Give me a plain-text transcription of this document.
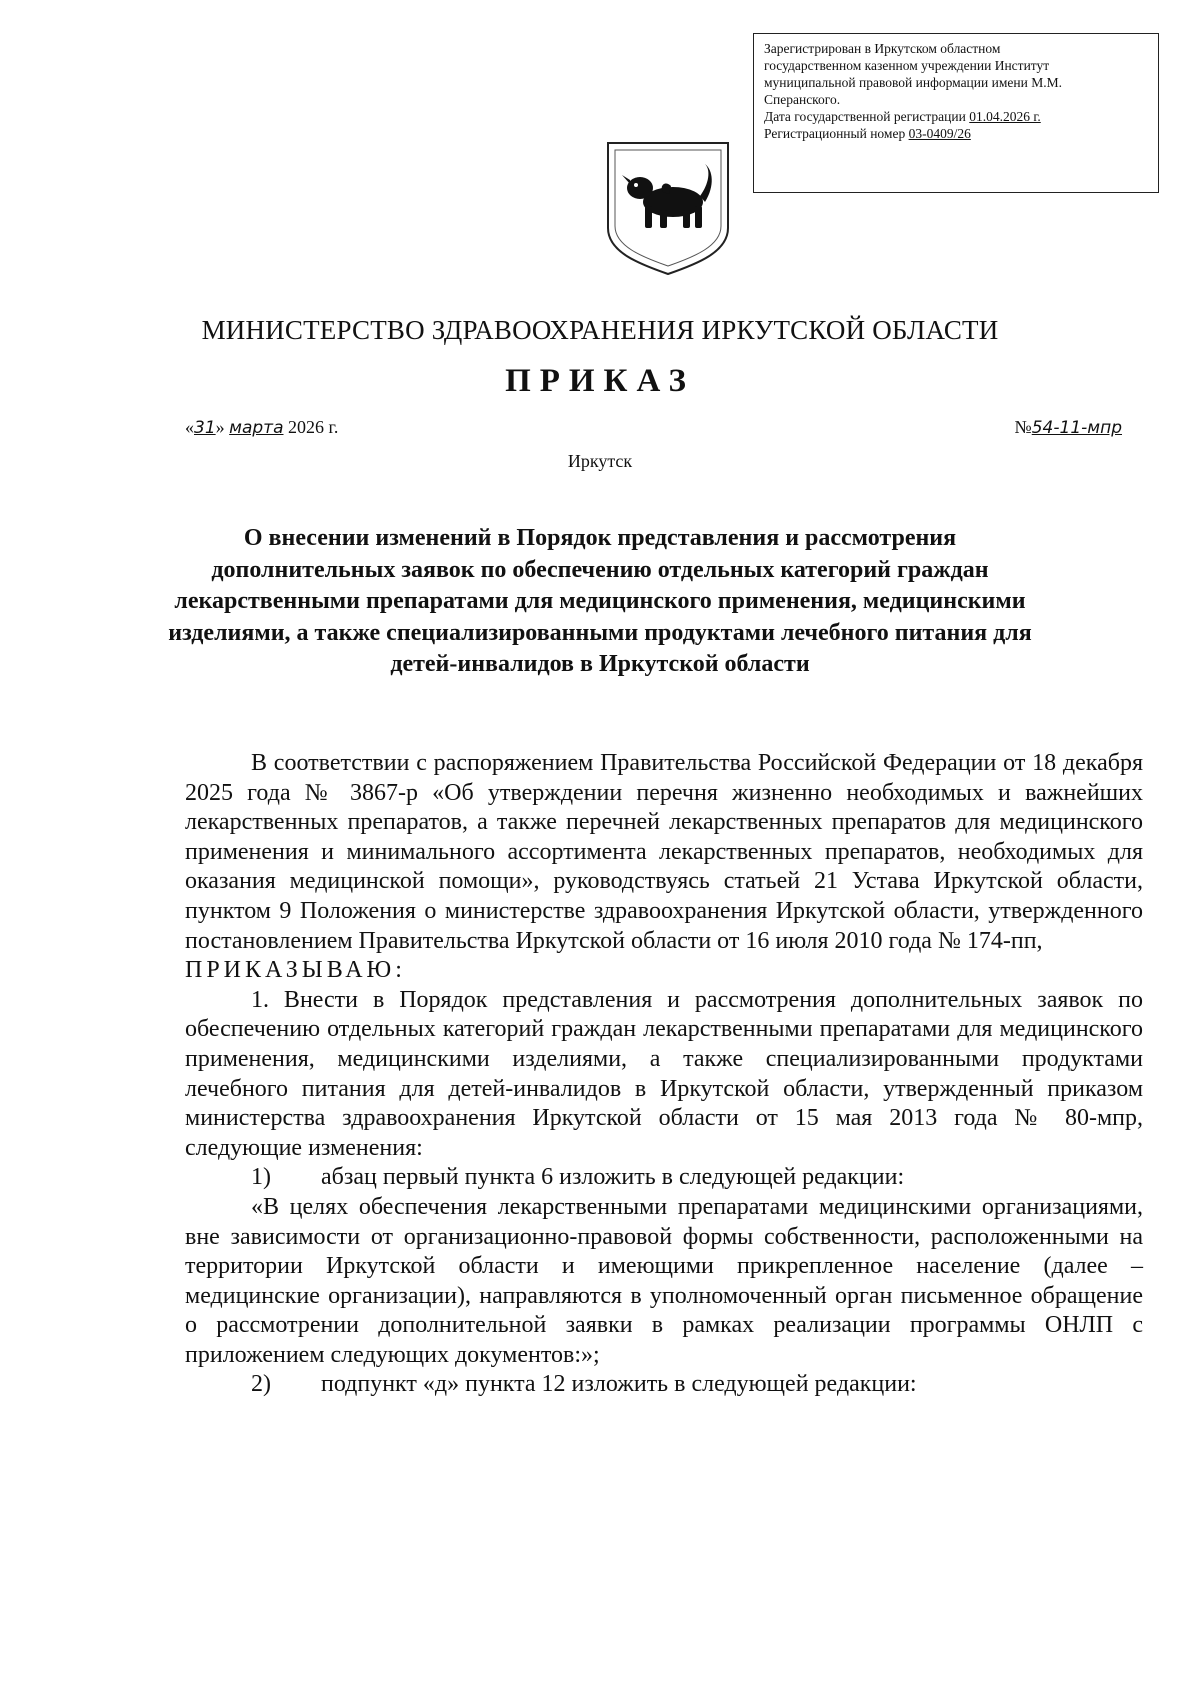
Зарегистрирован в Иркутском областном
государственном казенном учреждении Институт
муниципальной правовой информации имени М.М.
Сперанского.
Дата государственной регистрации 01.04.2026 г.
Регистрационный номер 03-0409/26
МИНИСТЕРСТВО ЗДРАВООХРАНЕНИЯ ИРКУТСКОЙ ОБЛАСТИ
ПРИКАЗ
«31» марта 2026 г.	№54-11-мпр
Иркутск
О внесении изменений в Порядок представления и рассмотрения дополнительных заявок по обеспечению отдельных категорий граждан лекарственными препаратами для медицинского применения, медицинскими изделиями, а также специализированными продуктами лечебного питания для детей-инвалидов в Иркутской области

В соответствии с распоряжением Правительства Российской Федерации от 18 декабря 2025 года № 3867-р «Об утверждении перечня жизненно необходимых и важнейших лекарственных препаратов, а также перечней лекарственных препаратов для медицинского применения и минимального ассортимента лекарственных препаратов, необходимых для оказания медицинской помощи», руководствуясь статьей 21 Устава Иркутской области, пунктом 9 Положения о министерстве здравоохранения Иркутской области, утвержденного постановлением Правительства Иркутской области от 16 июля 2010 года № 174-пп,

ПРИКАЗЫВАЮ:

1. Внести в Порядок представления и рассмотрения дополнительных заявок по обеспечению отдельных категорий граждан лекарственными препаратами для медицинского применения, медицинскими изделиями, а также специализированными продуктами лечебного питания для детей-инвалидов в Иркутской области, утвержденный приказом министерства здравоохранения Иркутской области от 15 мая 2013 года № 80-мпр, следующие изменения:

1)	абзац первый пункта 6 изложить в следующей редакции:

«В целях обеспечения лекарственными препаратами медицинскими организациями, вне зависимости от организационно-правовой формы собственности, расположенными на территории Иркутской области и имеющими прикрепленное население (далее – медицинские организации), направляются в уполномоченный орган письменное обращение о рассмотрении дополнительной заявки в рамках реализации программы ОНЛП с приложением следующих документов:»;

2)	подпункт «д» пункта 12 изложить в следующей редакции:
